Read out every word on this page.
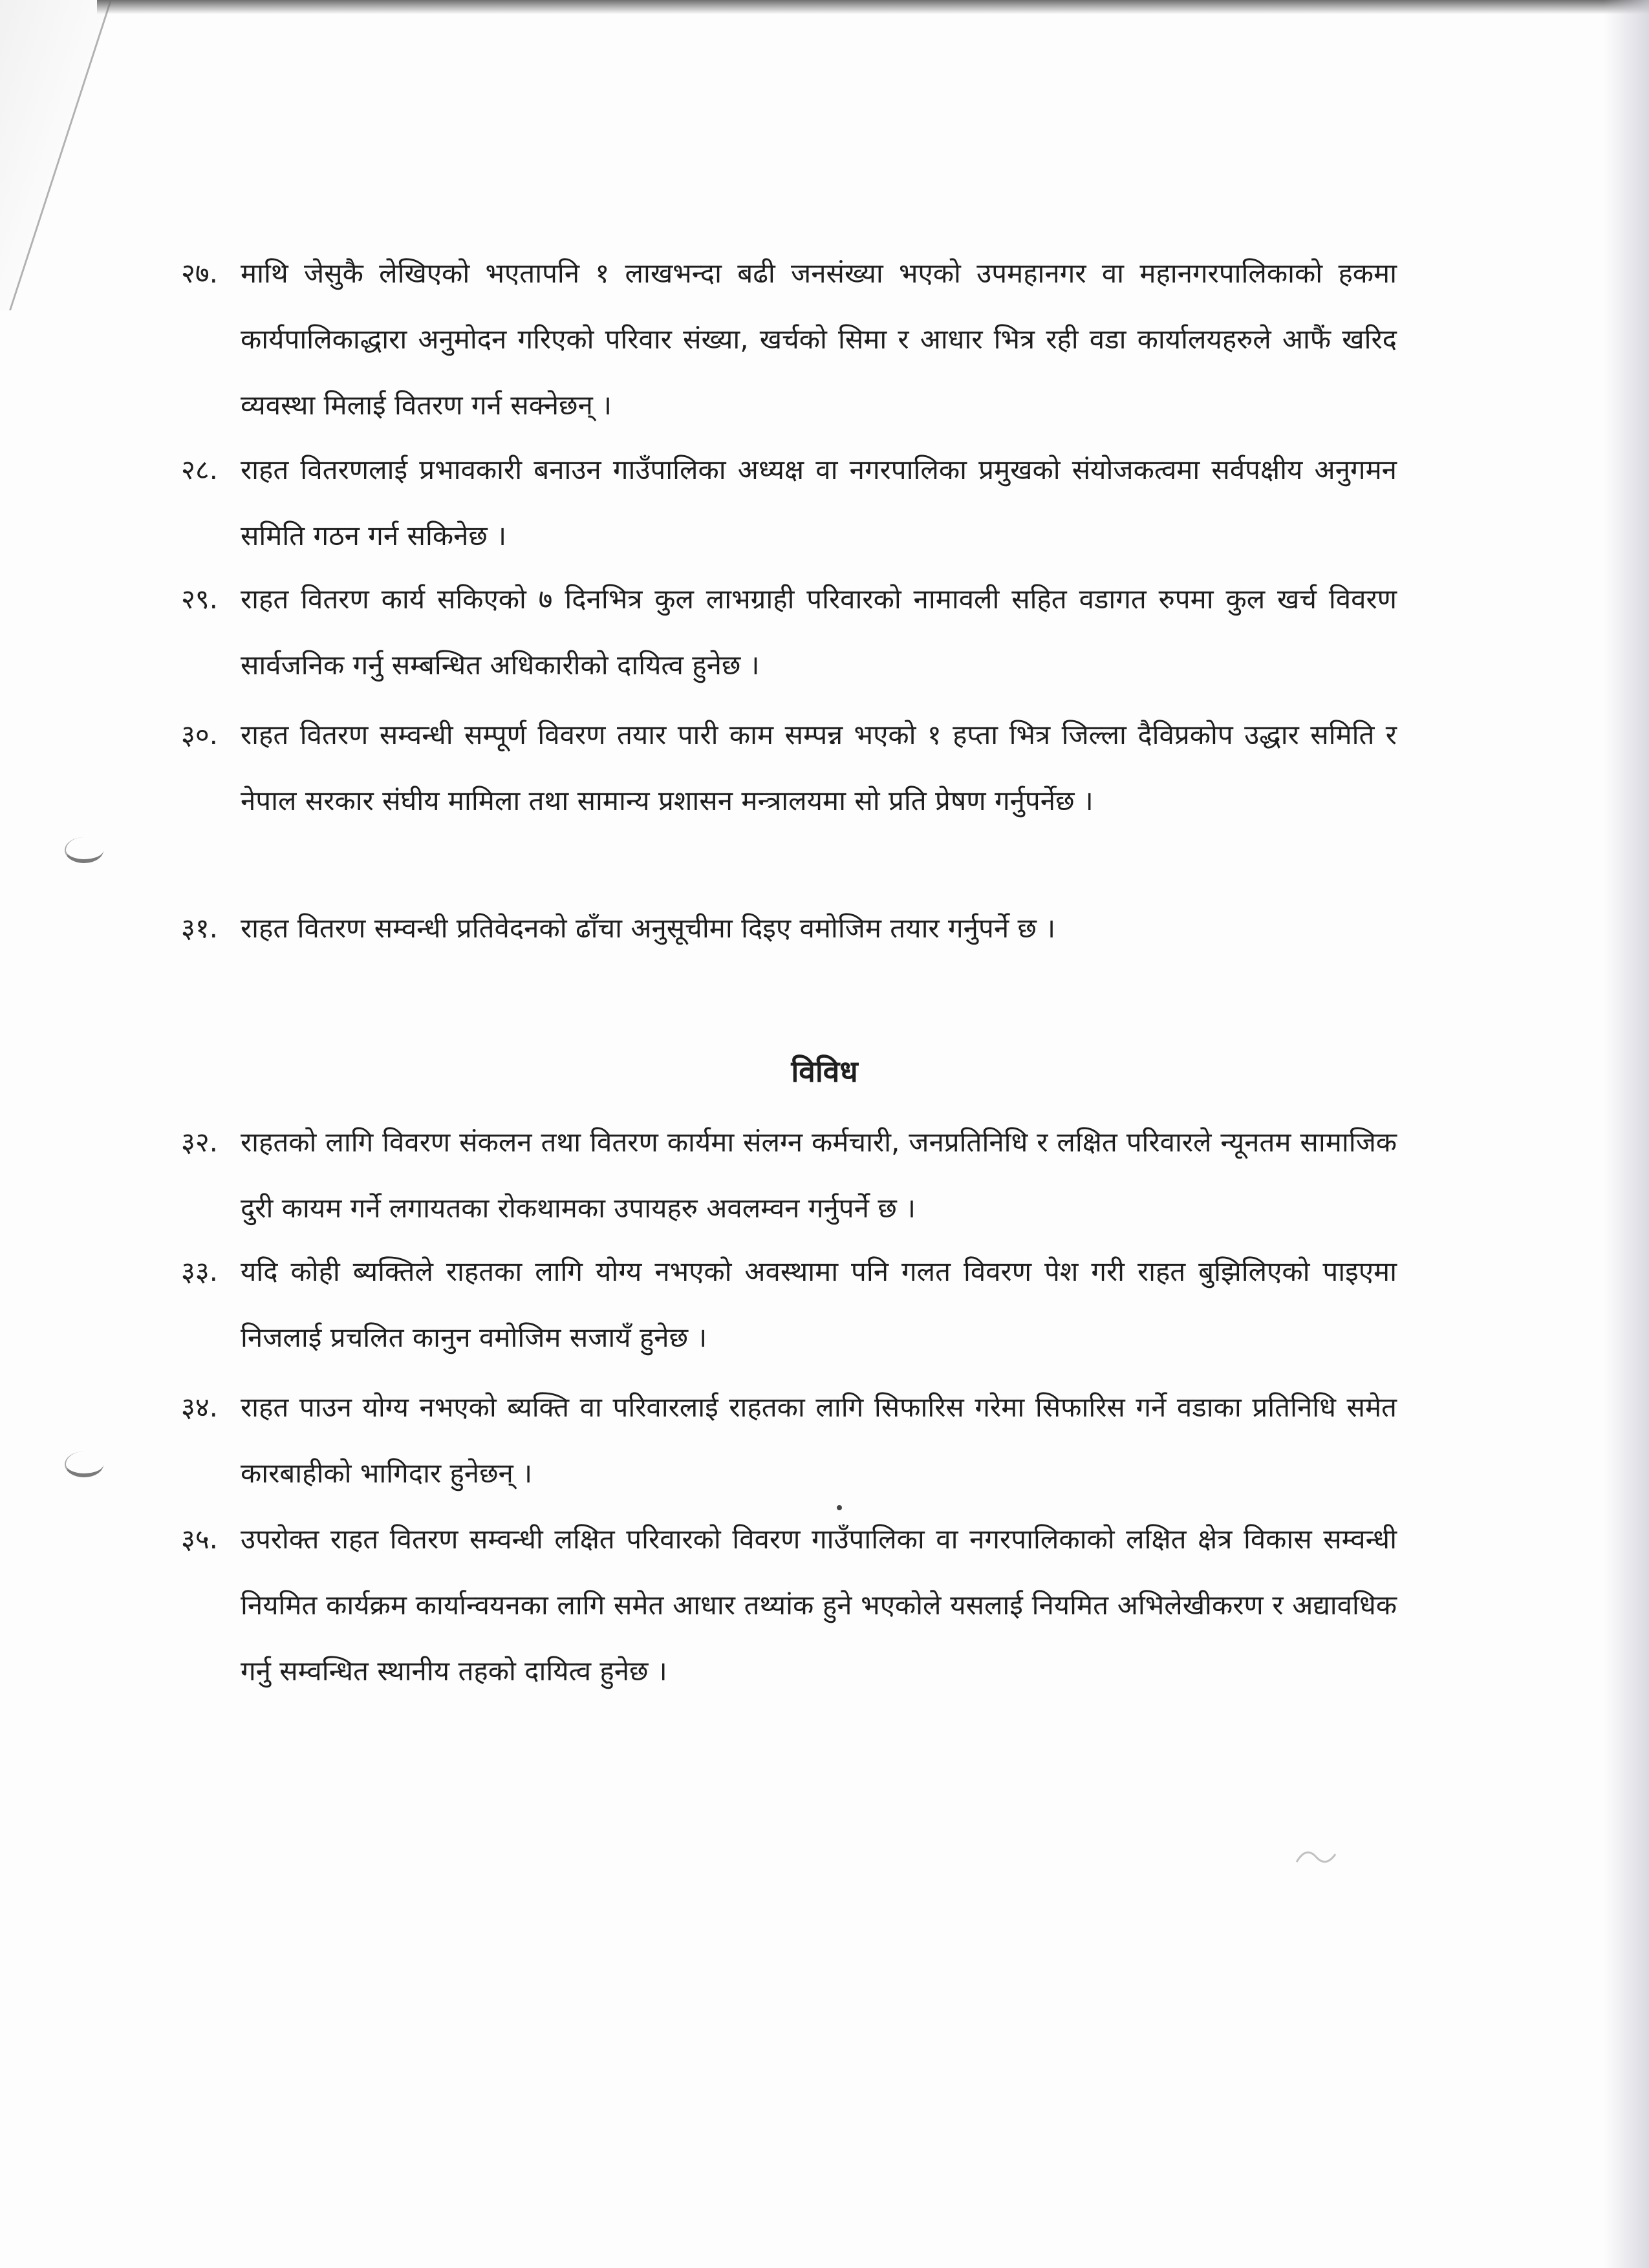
२७. माथि जेसुकै लेखिएको भएतापनि १ लाखभन्दा बढी जनसंख्या भएको उपमहानगर वा महानगरपालिकाको हकमा कार्यपालिकाद्धारा अनुमोदन गरिएको परिवार संख्या, खर्चको सिमा र आधार भित्र रही वडा कार्यालयहरुले आफैं खरिद व्यवस्था मिलाई वितरण गर्न सक्नेछन् ।
२८. राहत वितरणलाई प्रभावकारी बनाउन गाउँपालिका अध्यक्ष वा नगरपालिका प्रमुखको संयोजकत्वमा सर्वपक्षीय अनुगमन समिति गठन गर्न सकिनेछ ।
२९. राहत वितरण कार्य सकिएको ७ दिनभित्र कुल लाभग्राही परिवारको नामावली सहित वडागत रुपमा कुल खर्च विवरण सार्वजनिक गर्नु सम्बन्धित अधिकारीको दायित्व हुनेछ ।
३०. राहत वितरण सम्वन्धी सम्पूर्ण विवरण तयार पारी काम सम्पन्न भएको १ हप्ता भित्र जिल्ला दैविप्रकोप उद्धार समिति र नेपाल सरकार संघीय मामिला तथा सामान्य प्रशासन मन्त्रालयमा सो प्रति प्रेषण गर्नुपर्नेछ ।
३१. राहत वितरण सम्वन्धी प्रतिवेदनको ढाँचा अनुसूचीमा दिइए वमोजिम तयार गर्नुपर्ने छ ।
विविध
३२. राहतको लागि विवरण संकलन तथा वितरण कार्यमा संलग्न कर्मचारी, जनप्रतिनिधि र लक्षित परिवारले न्यूनतम सामाजिक दुरी कायम गर्ने लगायतका रोकथामका उपायहरु अवलम्वन गर्नुपर्ने छ ।
३३. यदि कोही ब्यक्तिले राहतका लागि योग्य नभएको अवस्थामा पनि गलत विवरण पेश गरी राहत बुझिलिएको पाइएमा निजलाई प्रचलित कानुन वमोजिम सजायँ हुनेछ ।
३४. राहत पाउन योग्य नभएको ब्यक्ति वा परिवारलाई राहतका लागि सिफारिस गरेमा सिफारिस गर्ने वडाका प्रतिनिधि समेत कारबाहीको भागिदार हुनेछन् ।
३५. उपरोक्त राहत वितरण सम्वन्धी लक्षित परिवारको विवरण गाउँपालिका वा नगरपालिकाको लक्षित क्षेत्र विकास सम्वन्धी नियमित कार्यक्रम कार्यान्वयनका लागि समेत आधार तथ्यांक हुने भएकोले यसलाई नियमित अभिलेखीकरण र अद्यावधिक गर्नु सम्वन्धित स्थानीय तहको दायित्व हुनेछ ।
